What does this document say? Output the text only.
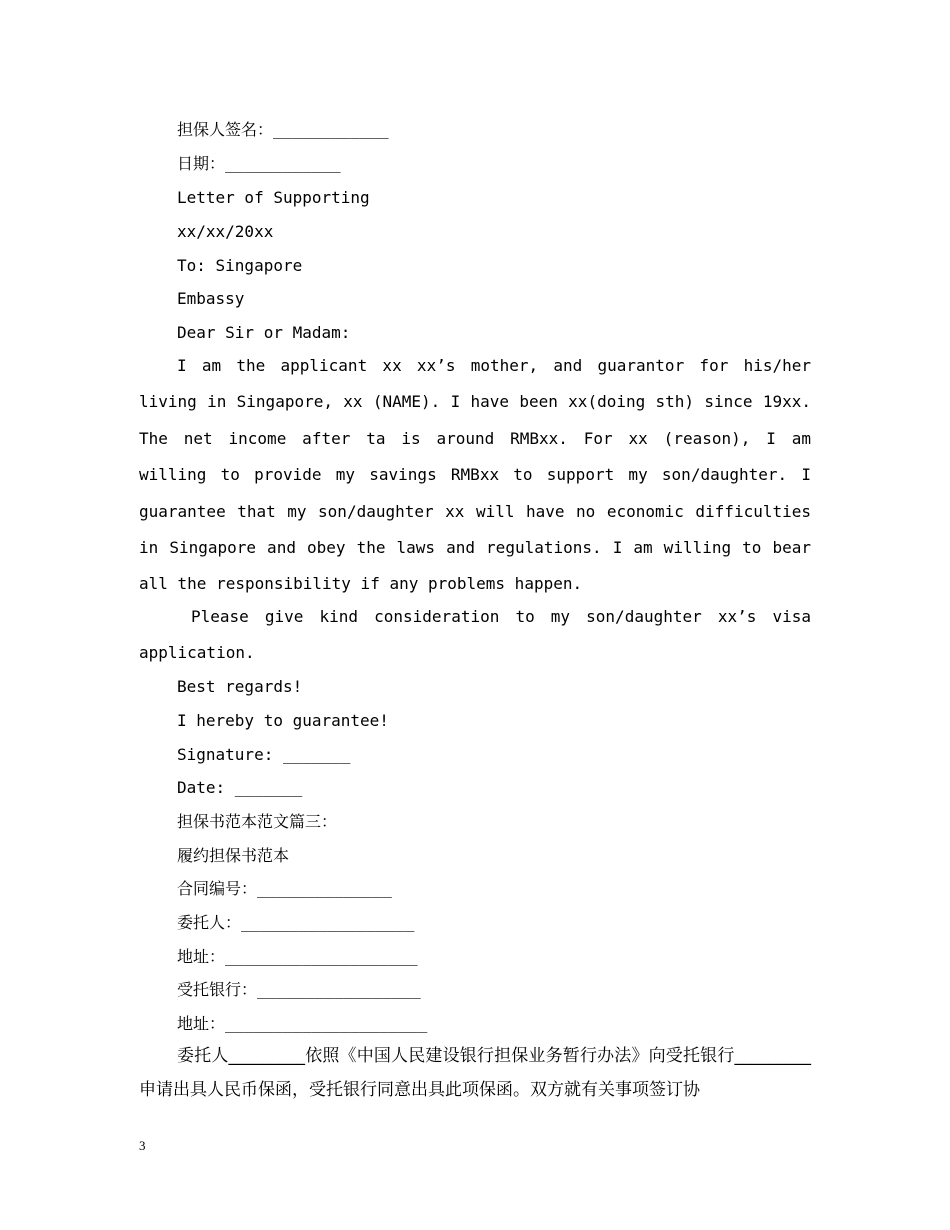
担保人签名：____________
日期：____________
Letter of Supporting
xx/xx/20xx
To: Singapore
Embassy
Dear Sir or Madam:
I am the applicant xx xx’s mother, and guarantor for his/her living in Singapore, xx (NAME). I have been xx(doing sth) since 19xx. The net income after ta is around RMBxx. For xx (reason), I am willing to provide my savings RMBxx to support my son/daughter. I guarantee that my son/daughter xx will have no economic difficulties in Singapore and obey the laws and regulations. I am willing to bear all the responsibility if any problems happen.
Please give kind consideration to my son/daughter xx’s visa application.
Best regards!
I hereby to guarantee!
Signature: _______
Date: _______
担保书范本范文篇三：
履约担保书范本
合同编号：______________
委托人：__________________
地址：____________________
受托银行：_________________
地址：_____________________
委托人_________依照《中国人民建设银行担保业务暂行办法》向受托银行_________申请出具人民币保函，受托银行同意出具此项保函。双方就有关事项签订协
3
